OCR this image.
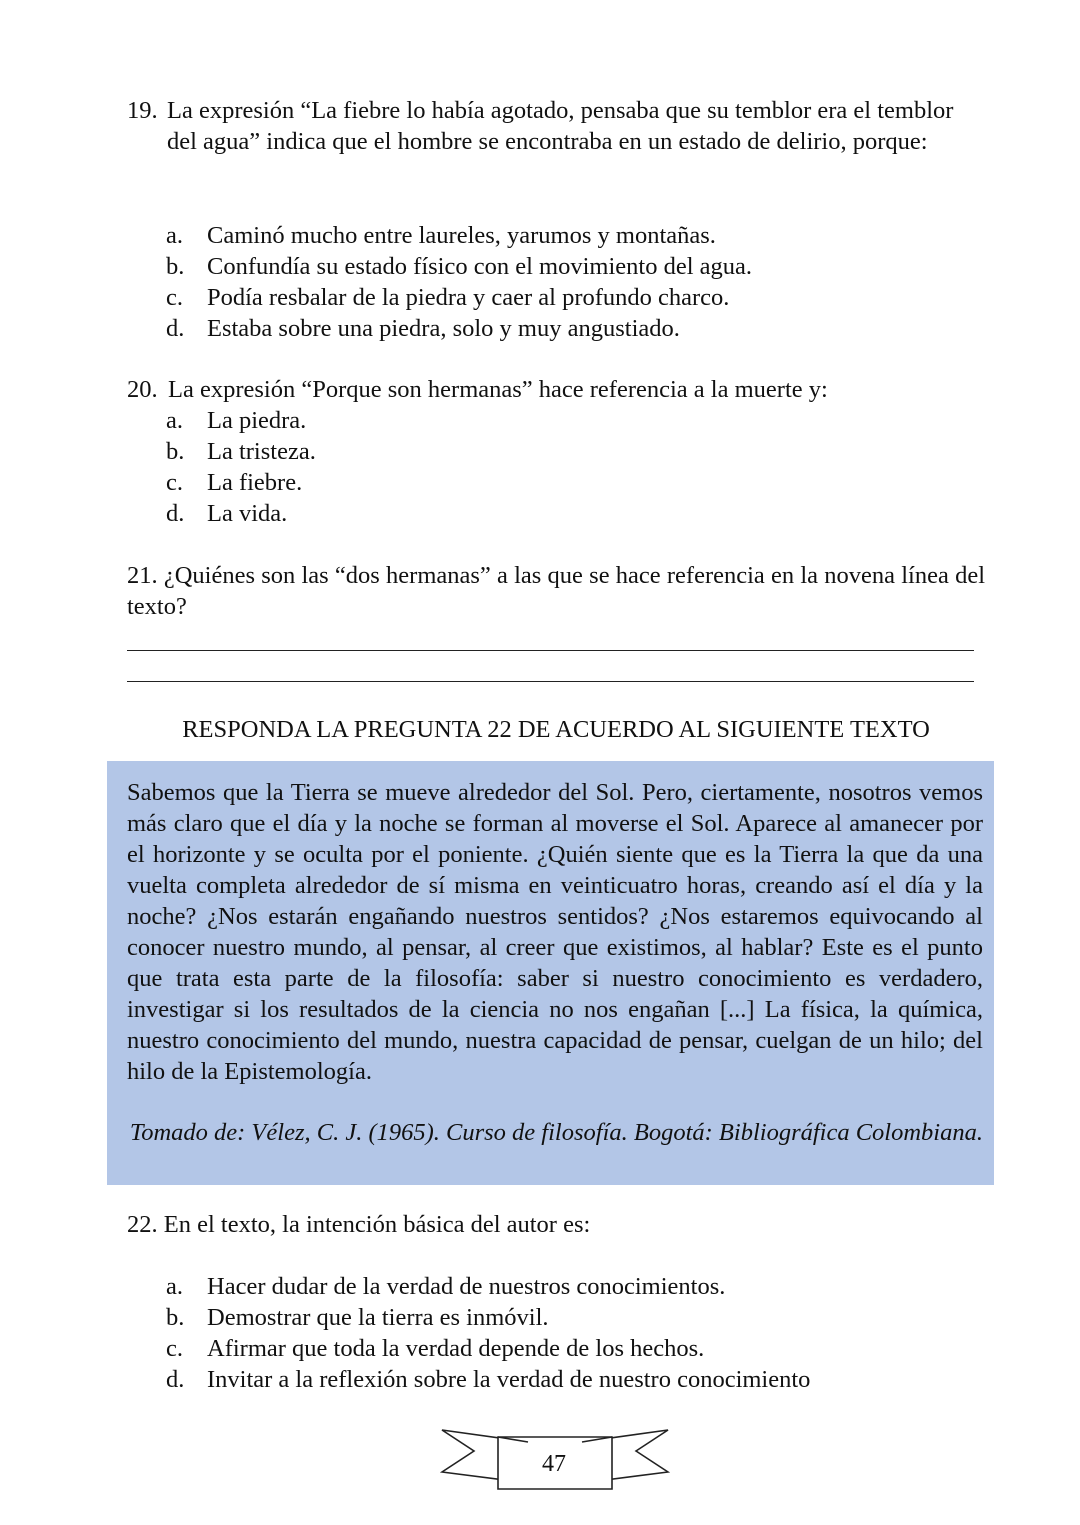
19. La expresión “La fiebre lo había agotado, pensaba que su temblor era el temblor del agua” indica que el hombre se encontraba en un estado de delirio, porque:
a. Caminó mucho entre laureles, yarumos y montañas.
b. Confundía su estado físico con el movimiento del agua.
c. Podía resbalar de la piedra y caer al profundo charco.
d. Estaba sobre una piedra, solo y muy angustiado.
20. La expresión “Porque son hermanas” hace referencia a la muerte y:
a. La piedra.
b. La tristeza.
c. La fiebre.
d. La vida.
21. ¿Quiénes son las “dos hermanas” a las que se hace referencia en la novena línea del texto?
RESPONDA LA PREGUNTA 22 DE ACUERDO AL SIGUIENTE TEXTO
Sabemos que la Tierra se mueve alrededor del Sol. Pero, ciertamente, nosotros vemos más claro que el día y la noche se forman al moverse el Sol. Aparece al amanecer por el horizonte y se oculta por el poniente. ¿Quién siente que es la Tierra la que da una vuelta completa alrededor de sí misma en veinticuatro horas, creando así el día y la noche? ¿Nos estarán engañando nuestros sentidos? ¿Nos estaremos equivocando al conocer nuestro mundo, al pensar, al creer que existimos, al hablar? Este es el punto que trata esta parte de la filosofía: saber si nuestro conocimiento es verdadero, investigar si los resultados de la ciencia no nos engañan [...] La física, la química, nuestro conocimiento del mundo, nuestra capacidad de pensar, cuelgan de un hilo; del hilo de la Epistemología.
Tomado de: Vélez, C. J. (1965). Curso de filosofía. Bogotá: Bibliográfica Colombiana.
22. En el texto, la intención básica del autor es:
a. Hacer dudar de la verdad de nuestros conocimientos.
b. Demostrar que la tierra es inmóvil.
c. Afirmar que toda la verdad depende de los hechos.
d. Invitar a la reflexión sobre la verdad de nuestro conocimiento
47
